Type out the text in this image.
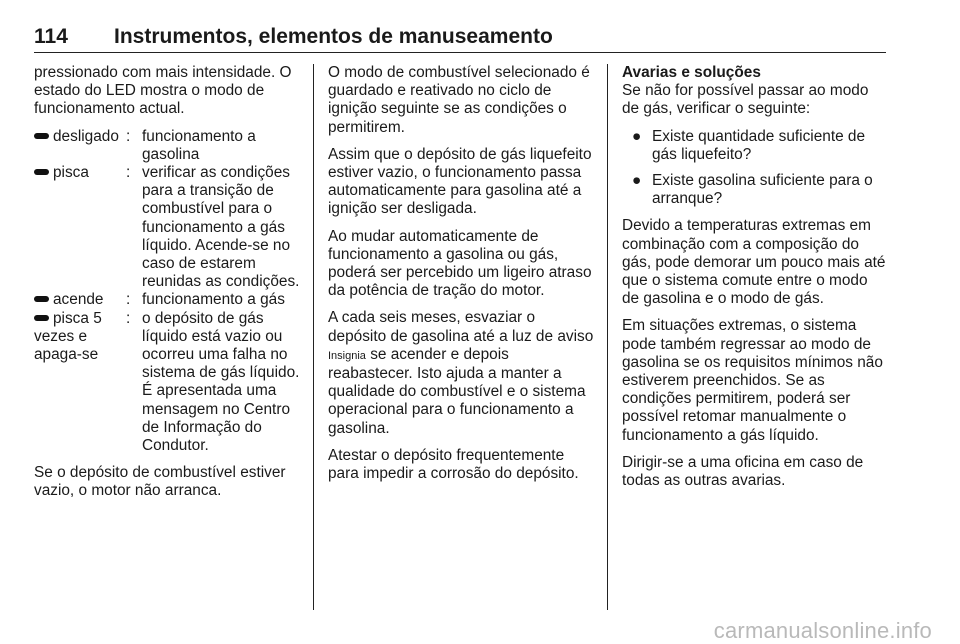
114 Instrumentos, elementos de manuseamento

pressionado com mais intensidade. O estado do LED mostra o modo de funcionamento actual.

desligado : funcionamento a gasolina
pisca	: verificar as condições para a transição de combustível para o funcionamento a gás líquido. Acende-se no caso de estarem reunidas as condições.
acende	: funcionamento a gás
pisca 5 vezes e apaga-se
: o depósito de gás líquido está vazio ou ocorreu uma falha no sistema de gás líquido. É apresentada uma mensagem no Centro de Informação do Condutor.

Se o depósito de combustível estiver vazio, o motor não arranca.

O modo de combustível selecionado é guardado e reativado no ciclo de ignição seguinte se as condições o permitirem.

Assim que o depósito de gás liquefeito estiver vazio, o funcionamento passa automaticamente para gasolina até a ignição ser desligada.

Ao mudar automaticamente de funcionamento a gasolina ou gás, poderá ser percebido um ligeiro atraso da potência de tração do motor.

A cada seis meses, esvaziar o depósito de gasolina até a luz de aviso Insignia se acender e depois reabastecer. Isto ajuda a manter a qualidade do combustível e o sistema operacional para o funcionamento a gasolina.

Atestar o depósito frequentemente para impedir a corrosão do depósito.

Avarias e soluções

Se não for possível passar ao modo de gás, verificar o seguinte:

● Existe quantidade suficiente de gás liquefeito?
● Existe gasolina suficiente para o arranque?

Devido a temperaturas extremas em combinação com a composição do gás, pode demorar um pouco mais até que o sistema comute entre o modo de gasolina e o modo de gás.

Em situações extremas, o sistema pode também regressar ao modo de gasolina se os requisitos mínimos não estiverem preenchidos. Se as condições permitirem, poderá ser possível retomar manualmente o funcionamento a gás líquido.

Dirigir-se a uma oficina em caso de todas as outras avarias.

carmanualsonline.info
